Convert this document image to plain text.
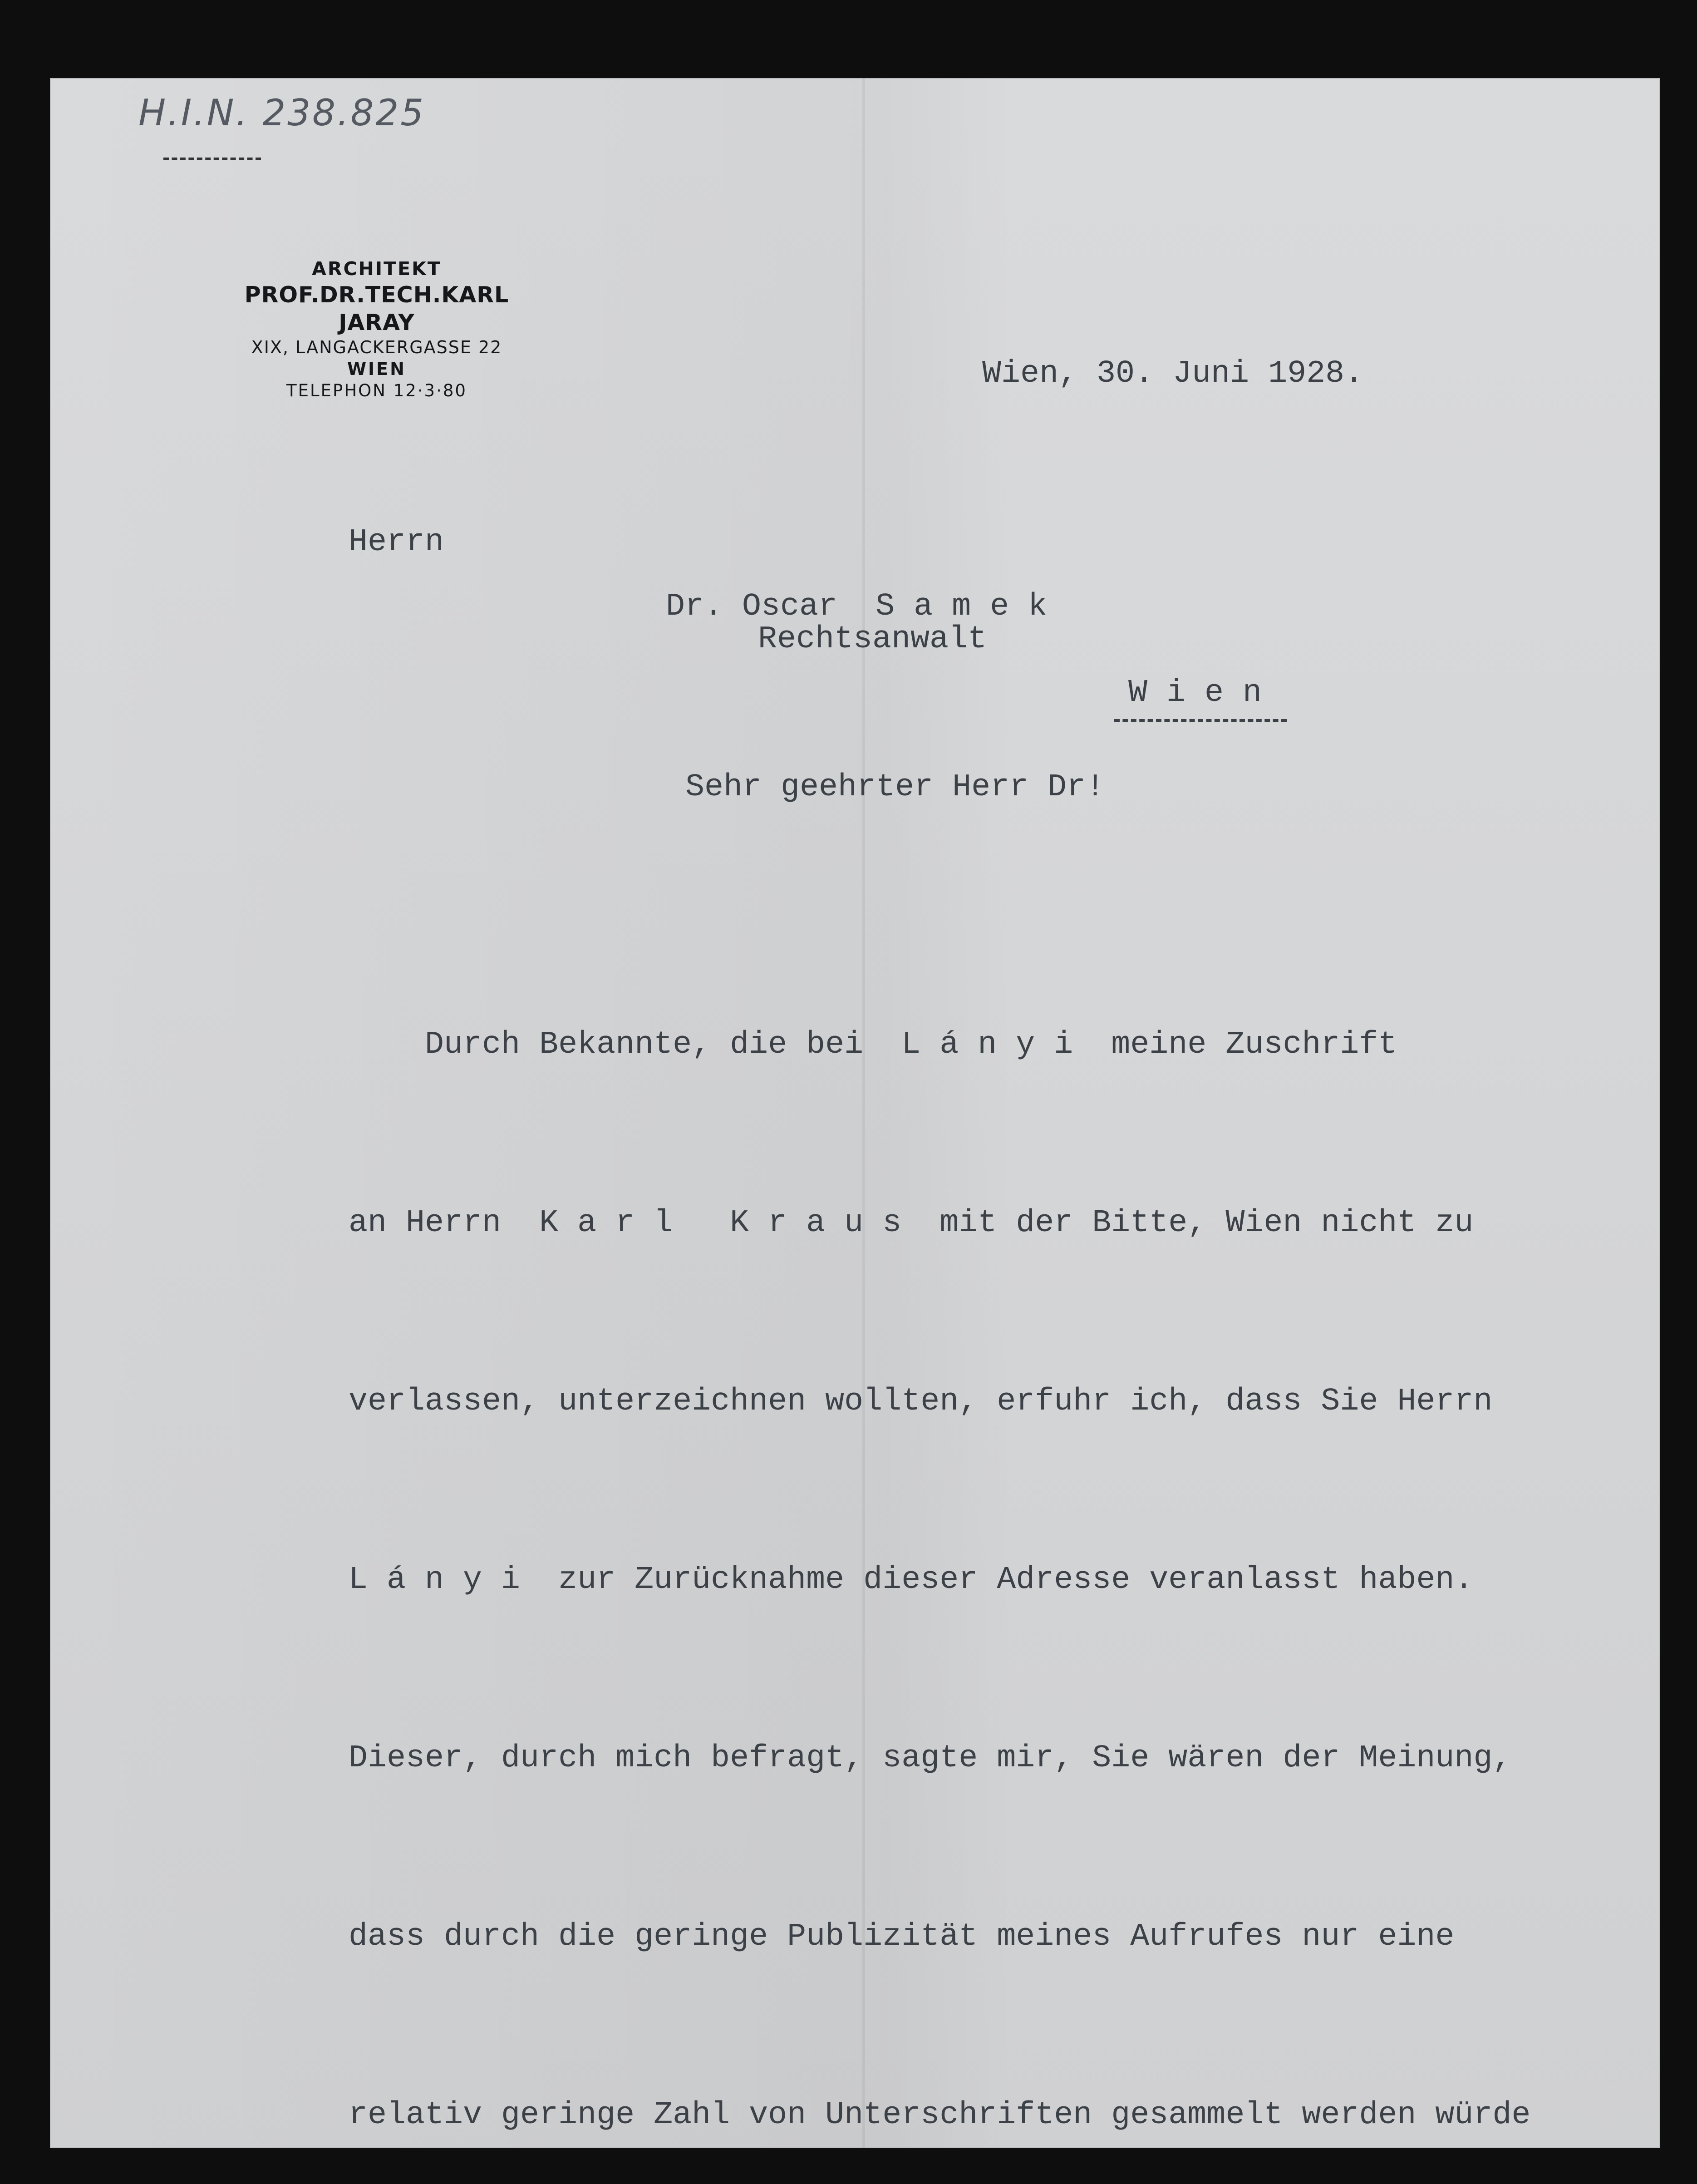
H.I.N. 238.825
ARCHITEKT
PROF.DR.TECH.KARL JARAY
XIX, LANGACKERGASSE 22
WIEN
TELEPHON 12·3·80	Wien, 30. Juni 1928.
Herrn
Dr. Oscar  S a m e k
Rechtsanwalt
W i e n
Sehr geehrter Herr Dr!

Durch Bekannte, die bei  L á n y i  meine Zuschrift

an Herrn  K a r l   K r a u s  mit der Bitte, Wien nicht zu

verlassen, unterzeichnen wollten, erfuhr ich, dass Sie Herrn

L á n y i  zur Zurücknahme dieser Adresse veranlasst haben.

Dieser, durch mich befragt, sagte mir, Sie wären der Meinung,

dass durch die geringe Publizität meines Aufrufes nur eine

relativ geringe Zahl von Unterschriften gesammelt werden würde
